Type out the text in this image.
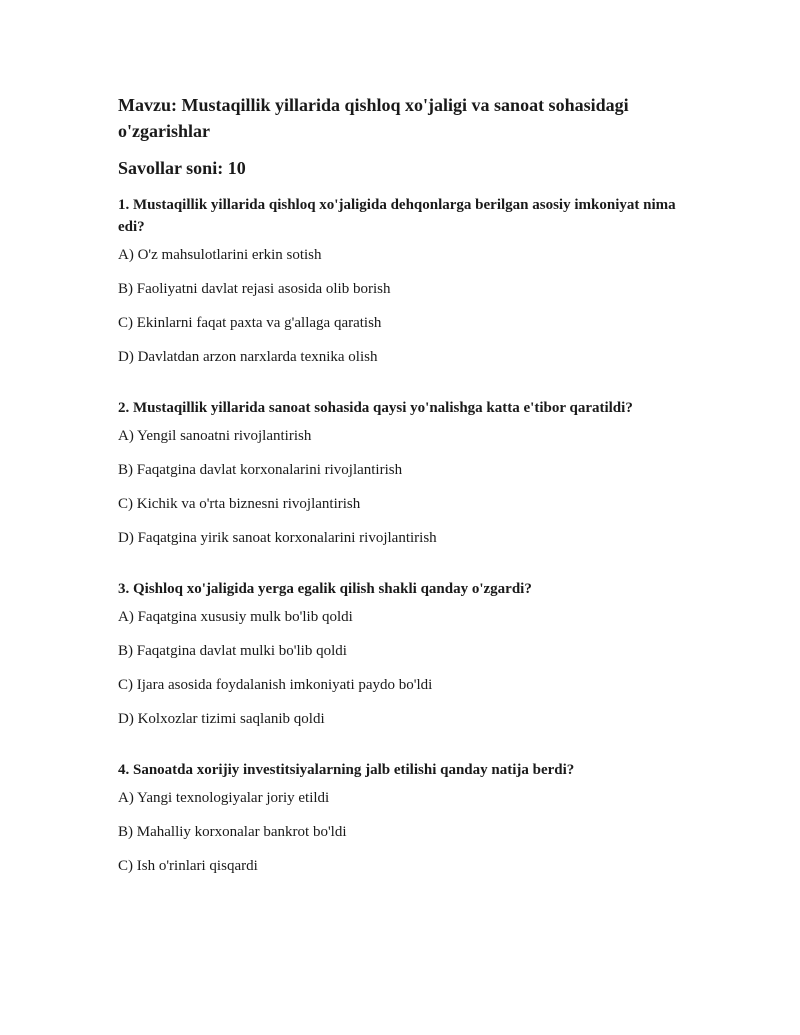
Mavzu: Mustaqillik yillarida qishloq xo'jaligi va sanoat sohasidagi o'zgarishlar
Savollar soni: 10
1. Mustaqillik yillarida qishloq xo'jaligida dehqonlarga berilgan asosiy imkoniyat nima edi?
A) O'z mahsulotlarini erkin sotish
B) Faoliyatni davlat rejasi asosida olib borish
C) Ekinlarni faqat paxta va g'allaga qaratish
D) Davlatdan arzon narxlarda texnika olish
2. Mustaqillik yillarida sanoat sohasida qaysi yo'nalishga katta e'tibor qaratildi?
A) Yengil sanoatni rivojlantirish
B) Faqatgina davlat korxonalarini rivojlantirish
C) Kichik va o'rta biznesni rivojlantirish
D) Faqatgina yirik sanoat korxonalarini rivojlantirish
3. Qishloq xo'jaligida yerga egalik qilish shakli qanday o'zgardi?
A) Faqatgina xususiy mulk bo'lib qoldi
B) Faqatgina davlat mulki bo'lib qoldi
C) Ijara asosida foydalanish imkoniyati paydo bo'ldi
D) Kolxozlar tizimi saqlanib qoldi
4. Sanoatda xorijiy investitsiyalarning jalb etilishi qanday natija berdi?
A) Yangi texnologiyalar joriy etildi
B) Mahalliy korxonalar bankrot bo'ldi
C) Ish o'rinlari qisqardi
